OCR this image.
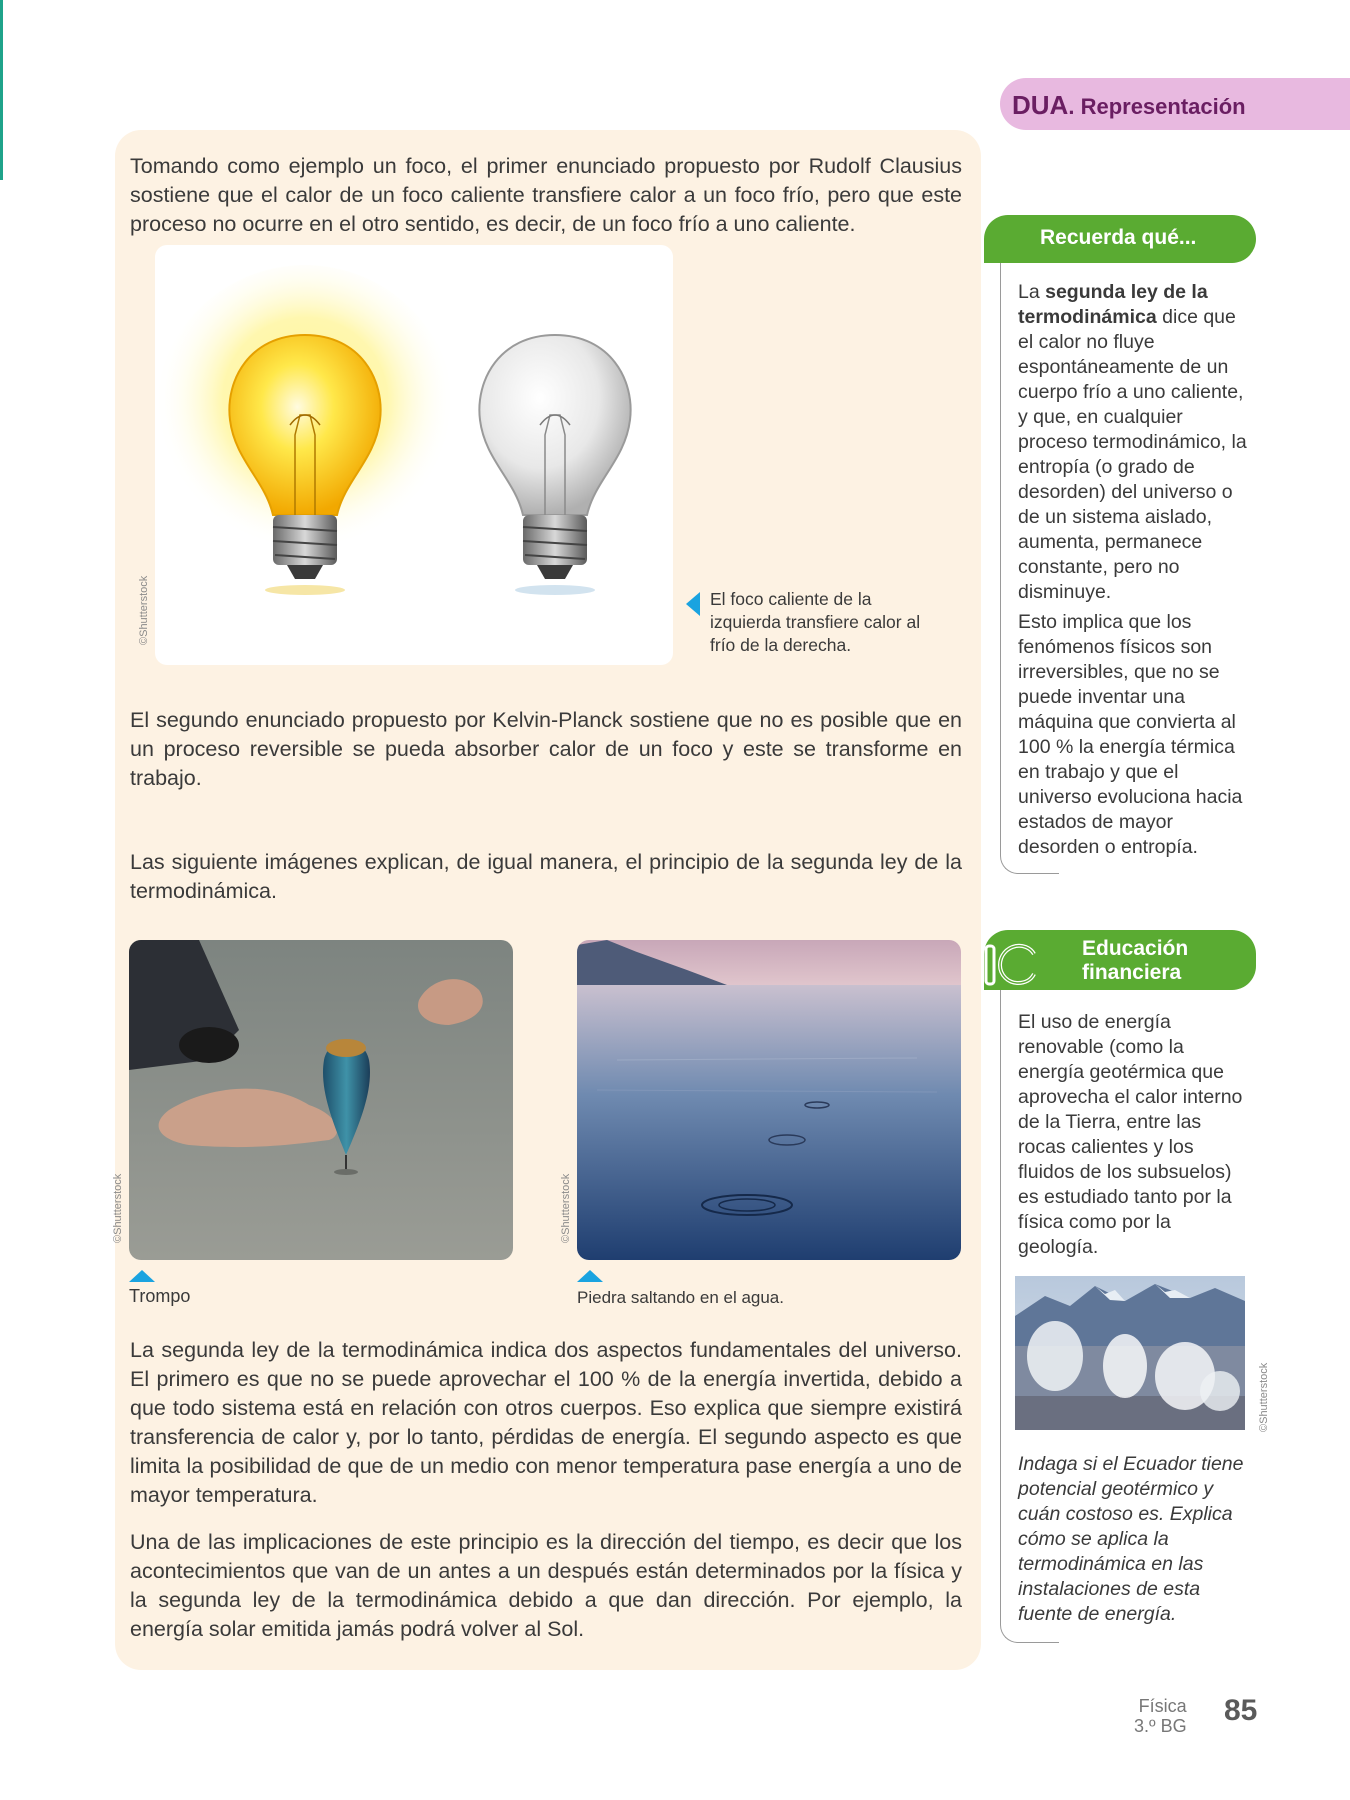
DUA. Representación

Tomando como ejemplo un foco, el primer enunciado propuesto por Rudolf Clausius sostiene que el calor de un foco caliente transfiere calor a un foco frío, pero que este proceso no ocurre en el otro sentido, es decir, de un foco frío a uno caliente.

©Shutterstock	El foco caliente de la izquierda transfiere calor al frío de la derecha.

El segundo enunciado propuesto por Kelvin-Planck sostiene que no es posible que en un proceso reversible se pueda absorber calor de un foco y este se transforme en trabajo.

Las siguiente imágenes explican, de igual manera, el principio de la segunda ley de la termodinámica.

©Shutterstock
Trompo
©Shutterstock
Piedra saltando en el agua.

La segunda ley de la termodinámica indica dos aspectos fundamentales del universo. El primero es que no se puede aprovechar el 100 % de la energía invertida, debido a que todo sistema está en relación con otros cuerpos. Eso explica que siempre existirá transferencia de calor y, por lo tanto, pérdidas de energía. El segundo aspecto es que limita la posibilidad de que de un medio con menor temperatura pase energía a uno de mayor temperatura.

Una de las implicaciones de este principio es la dirección del tiempo, es decir que los acontecimientos que van de un antes a un después están determinados por la física y la segunda ley de la termodinámica debido a que dan dirección. Por ejemplo, la energía solar emitida jamás podrá volver al Sol.

Recuerda qué...

La segunda ley de la termodinámica dice que el calor no fluye espontáneamente de un cuerpo frío a uno caliente, y que, en cualquier proceso termodinámico, la entropía (o grado de desorden) del universo o de un sistema aislado, aumenta, permanece constante, pero no disminuye.

Esto implica que los fenómenos físicos son irreversibles, que no se puede inventar una máquina que convierta al 100 % la energía térmica en trabajo y que el universo evoluciona hacia estados de mayor desorden o entropía.

Educación
financiera

El uso de energía renovable (como la energía geotérmica que aprovecha el calor interno de la Tierra, entre las rocas calientes y los fluidos de los subsuelos) es estudiado tanto por la física como por la geología.

©Shutterstock

Indaga si el Ecuador tiene potencial geotérmico y cuán costoso es. Explica cómo se aplica la termodinámica en las instalaciones de esta fuente de energía.

Física
3.º BG 85
